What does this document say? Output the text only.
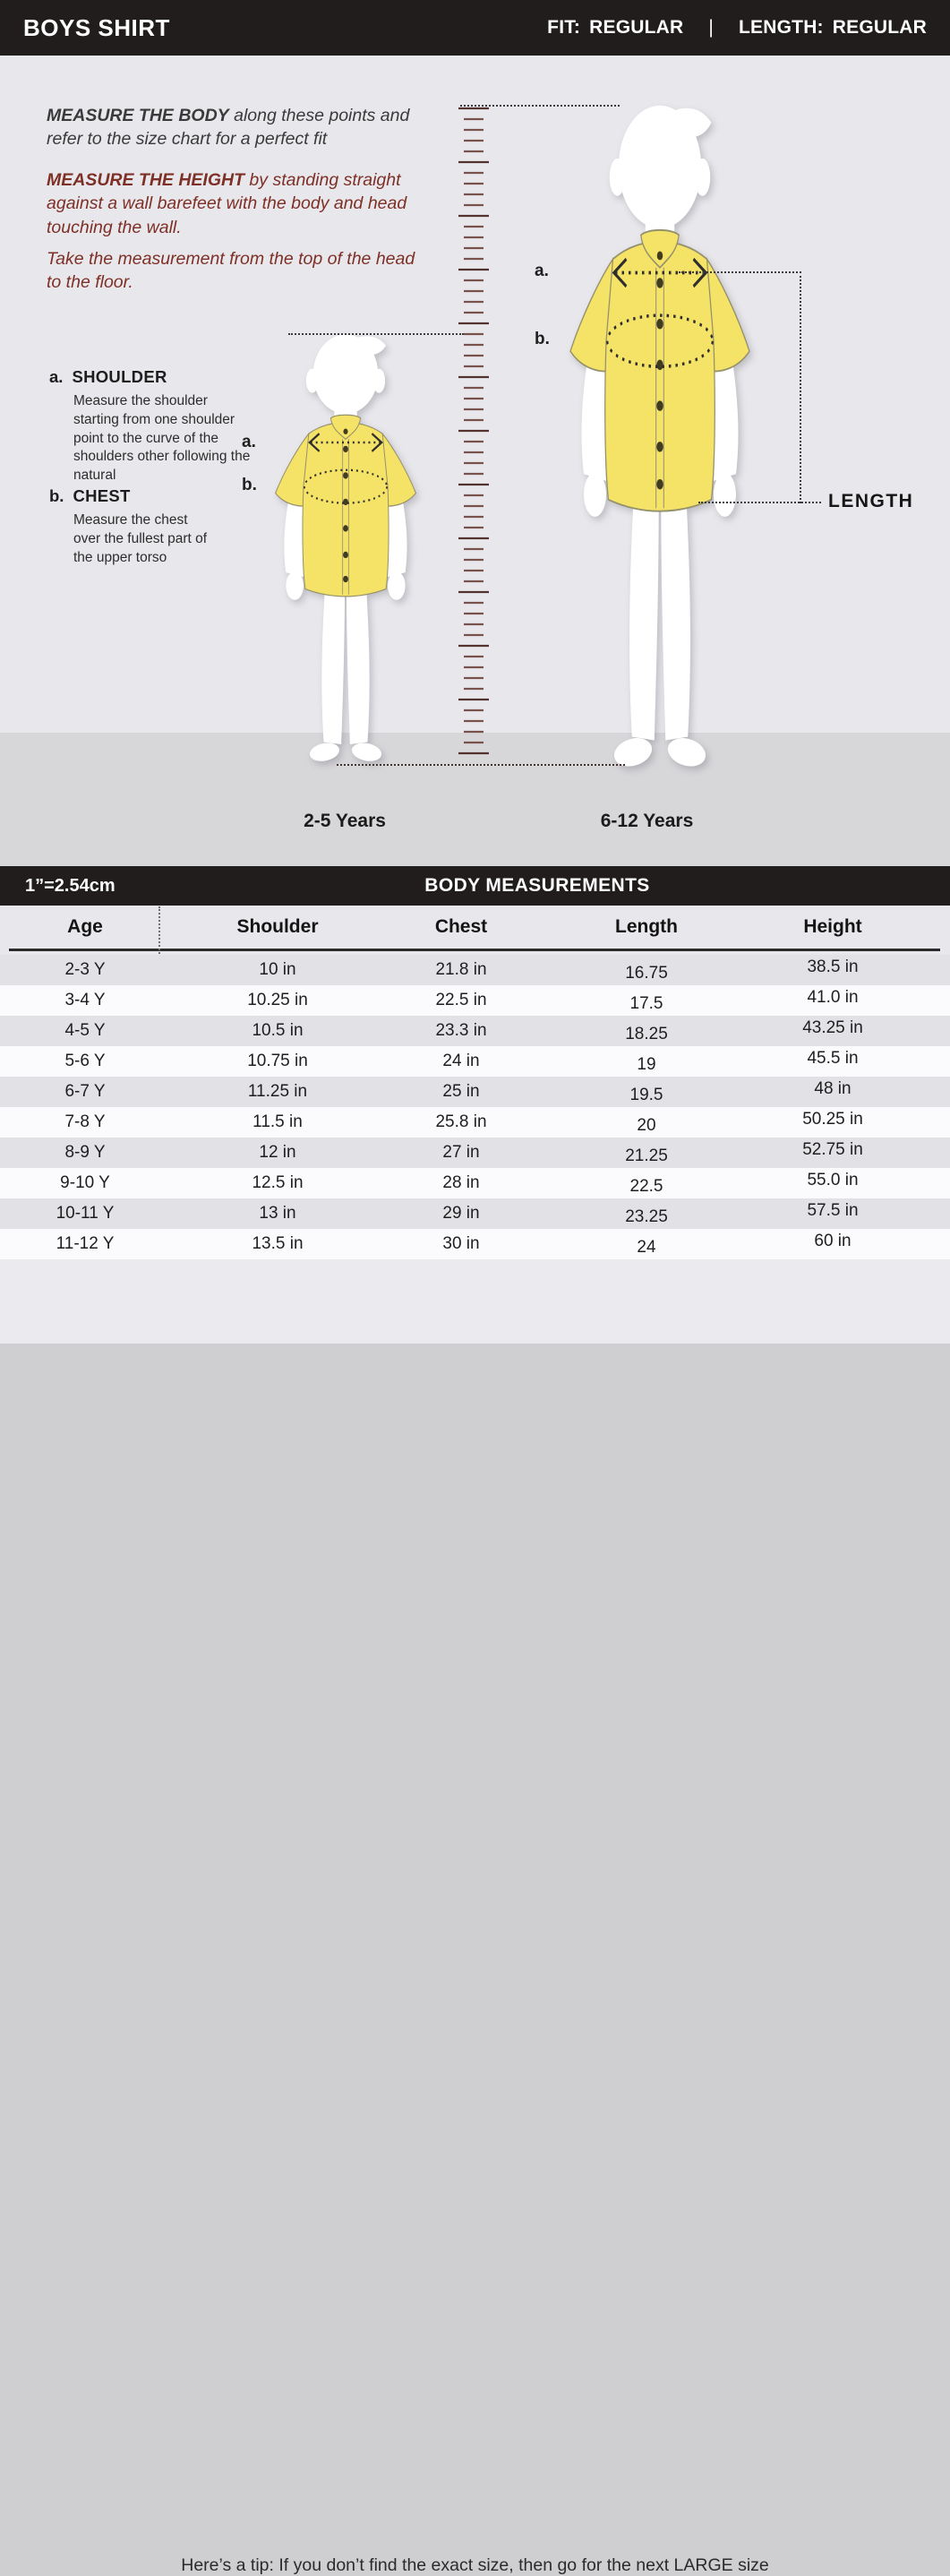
BOYS SHIRT	FIT: REGULAR | LENGTH: REGULAR

MEASURE THE BODY along these points and refer to the size chart for a perfect fit

MEASURE THE HEIGHT by standing straight against a wall barefeet with the body and head touching the wall.

Take the measurement from the top of the head to the floor.

a. SHOULDER
Measure the shoulder starting from one shoulder point to the curve of the shoulders other following the natural
b. CHEST
Measure the chest over the fullest part of the upper torso
LENGTH
a.
b.
a.
b.
2-5 Years	6-12 Years
1”=2.54cm	BODY MEASUREMENTS
Age	Shoulder	Chest	Length	Height
2-3 Y	10 in	21.8 in	16.75	38.5 in
3-4 Y	10.25 in	22.5 in	17.5	41.0 in
4-5 Y	10.5 in	23.3 in	18.25	43.25 in
5-6 Y	10.75 in	24 in	19	45.5 in
6-7 Y	11.25 in	25 in	19.5	48 in
7-8 Y	11.5 in	25.8 in	20	50.25 in
8-9 Y	12 in	27 in	21.25	52.75 in
9-10 Y	12.5 in	28 in	22.5	55.0 in
10-11 Y	13 in	29 in	23.25	57.5 in
11-12 Y	13.5 in	30 in	24	60 in
Here’s a tip: If you don’t find the exact size, then go for the next LARGE size
